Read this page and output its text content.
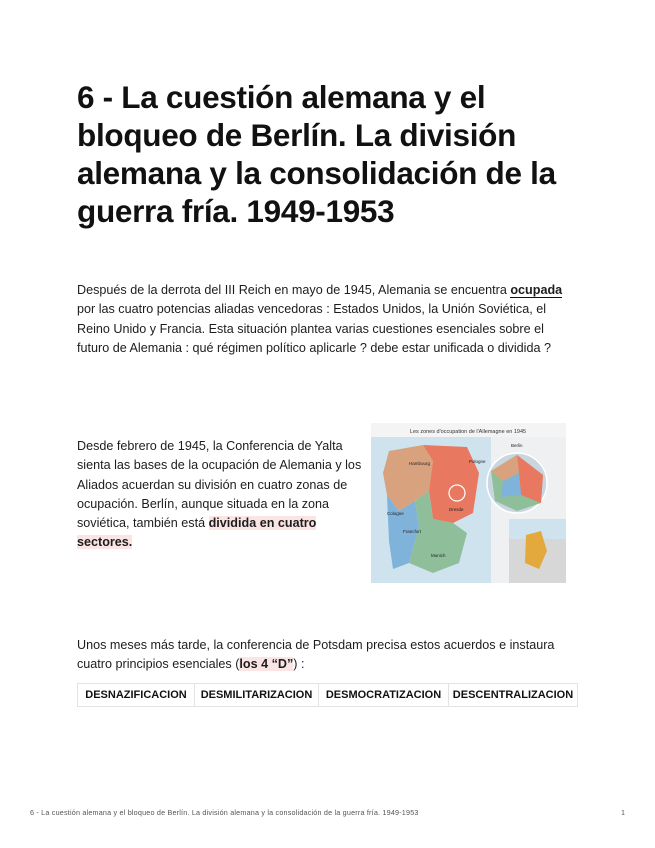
6 - La cuestión alemana y el bloqueo de Berlín. La división alemana y la consolidación de la guerra fría. 1949-1953

Después de la derrota del III Reich en mayo de 1945, Alemania se encuentra ocupada por las cuatro potencias aliadas vencedoras : Estados Unidos, la Unión Soviética, el Reino Unido y Francia. Esta situación plantea varias cuestiones esenciales sobre el futuro de Alemania : qué régimen político aplicarle ? debe estar unificada o dividida ?

Desde febrero de 1945, la Conferencia de Yalta sienta las bases de la ocupación de Alemania y los Aliados acuerdan su división en cuatro zonas de ocupación. Berlín, aunque situada en la zona soviética, también está dividida en cuatro sectores.

Les zones d'occupation de l'Allemagne en 1945
Hambourg
Berlin
Cologne
Francfort
Munich
Pologne
Dresde

Unos meses más tarde, la conferencia de Potsdam precisa estos acuerdos e instaura cuatro principios esenciales (los 4 “D”) :

DESNAZIFICACION	DESMILITARIZACION	DESMOCRATIZACION	DESCENTRALIZACION
6 - La cuestión alemana y el bloqueo de Berlín. La división alemana y la consolidación de la guerra fría. 1949-1953	1
